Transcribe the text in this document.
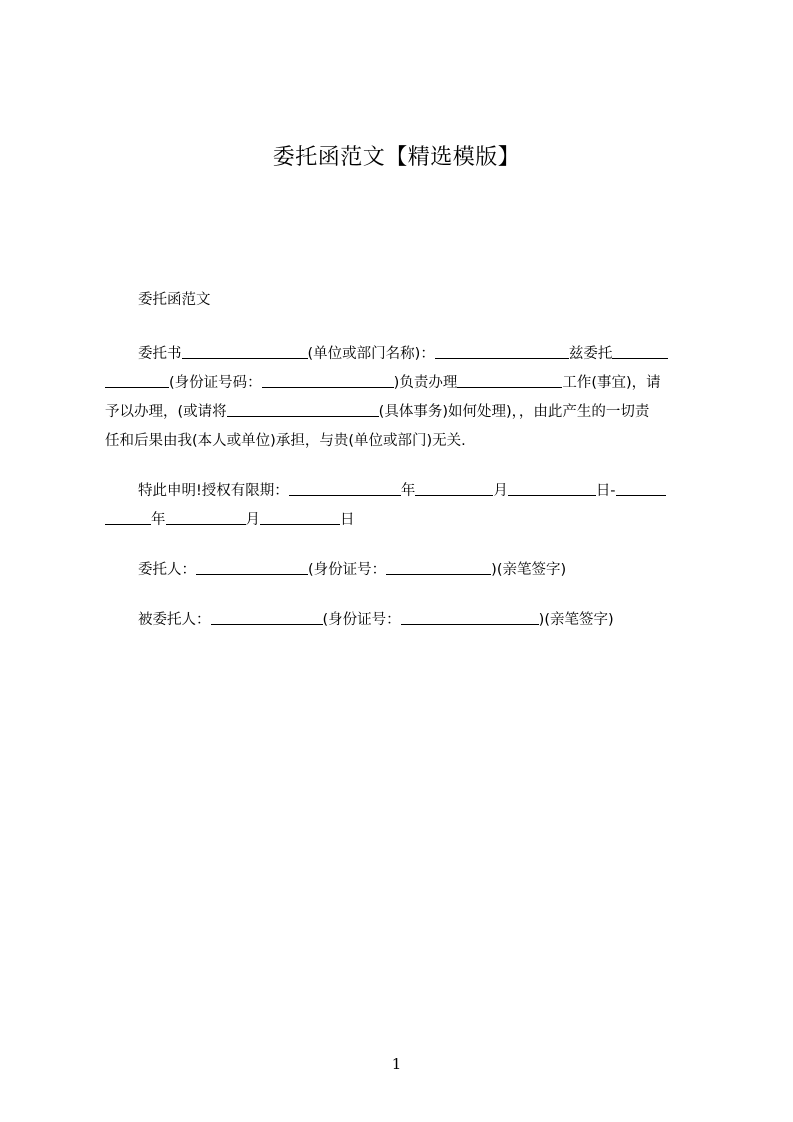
委托函范文【精选模版】
委托函范文
委托书	(单位或部门名称)：	兹委托
(身份证号码：	)负责办理	工作(事宜)，请
予以办理，(或请将	(具体事务)如何处理)，，由此产生的一切责
任和后果由我(本人或单位)承担，与贵(单位或部门)无关.
特此申明!授权有限期：	年	月	日-
年	月	日
委托人：	(身份证号：	)(亲笔签字)
被委托人：	(身份证号：	)(亲笔签字)
1
